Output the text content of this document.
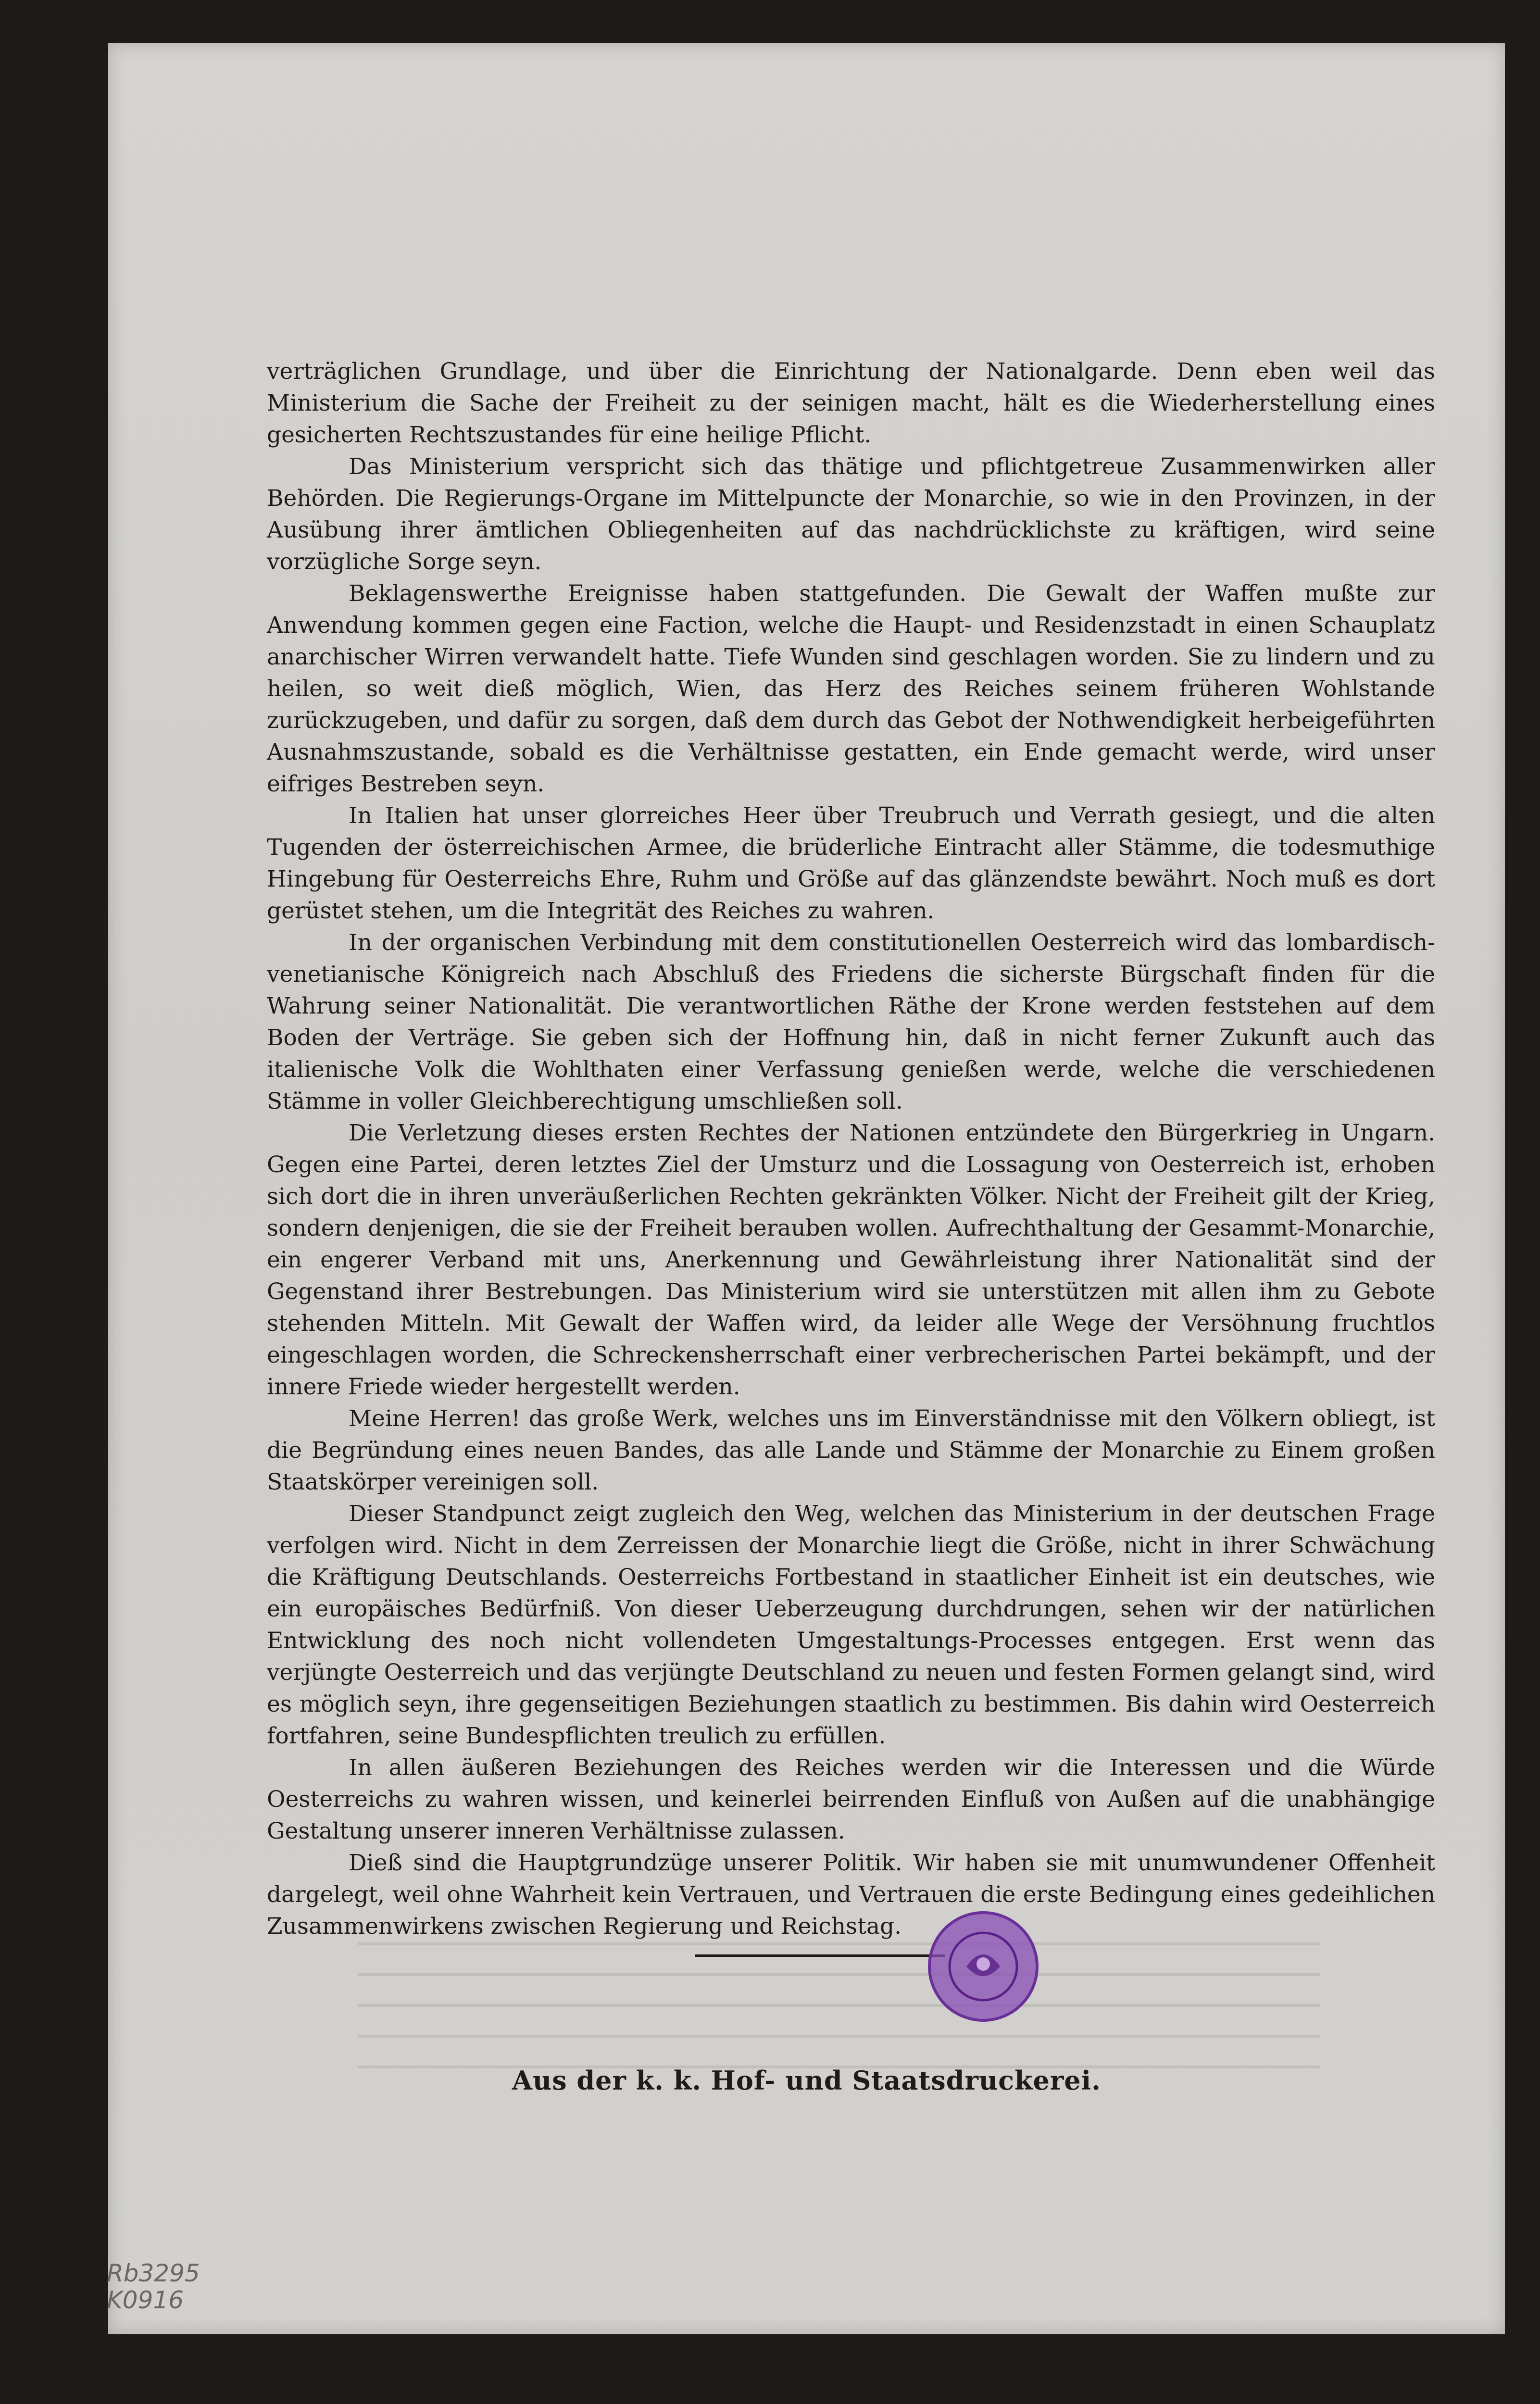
verträglichen Grundlage, und über die Einrichtung der Nationalgarde. Denn eben weil das Ministerium die Sache der Freiheit zu der seinigen macht, hält es die Wiederherstellung eines gesicherten Rechtszustandes für eine heilige Pflicht.

Das Ministerium verspricht sich das thätige und pflichtgetreue Zusammenwirken aller Behörden. Die Regierungs-Organe im Mittelpuncte der Monarchie, so wie in den Provinzen, in der Ausübung ihrer ämtlichen Obliegenheiten auf das nachdrücklichste zu kräftigen, wird seine vorzügliche Sorge seyn.

Beklagenswerthe Ereignisse haben stattgefunden. Die Gewalt der Waffen mußte zur Anwendung kommen gegen eine Faction, welche die Haupt- und Residenzstadt in einen Schauplatz anarchischer Wirren verwandelt hatte. Tiefe Wunden sind geschlagen worden. Sie zu lindern und zu heilen, so weit dieß möglich, Wien, das Herz des Reiches seinem früheren Wohlstande zurückzugeben, und dafür zu sorgen, daß dem durch das Gebot der Nothwendigkeit herbeigeführten Ausnahmszustande, sobald es die Verhältnisse gestatten, ein Ende gemacht werde, wird unser eifriges Bestreben seyn.

In Italien hat unser glorreiches Heer über Treubruch und Verrath gesiegt, und die alten Tugenden der österreichischen Armee, die brüderliche Eintracht aller Stämme, die todesmuthige Hingebung für Oesterreichs Ehre, Ruhm und Größe auf das glänzendste bewährt. Noch muß es dort gerüstet stehen, um die Integrität des Reiches zu wahren.

In der organischen Verbindung mit dem constitutionellen Oesterreich wird das lombardisch-venetianische Königreich nach Abschluß des Friedens die sicherste Bürgschaft finden für die Wahrung seiner Nationalität. Die verantwortlichen Räthe der Krone werden feststehen auf dem Boden der Verträge. Sie geben sich der Hoffnung hin, daß in nicht ferner Zukunft auch das italienische Volk die Wohlthaten einer Verfassung genießen werde, welche die verschiedenen Stämme in voller Gleichberechtigung umschließen soll.

Die Verletzung dieses ersten Rechtes der Nationen entzündete den Bürgerkrieg in Ungarn. Gegen eine Partei, deren letztes Ziel der Umsturz und die Lossagung von Oesterreich ist, erhoben sich dort die in ihren unveräußerlichen Rechten gekränkten Völker. Nicht der Freiheit gilt der Krieg, sondern denjenigen, die sie der Freiheit berauben wollen. Aufrechthaltung der Gesammt-Monarchie, ein engerer Verband mit uns, Anerkennung und Gewährleistung ihrer Nationalität sind der Gegenstand ihrer Bestrebungen. Das Ministerium wird sie unterstützen mit allen ihm zu Gebote stehenden Mitteln. Mit Gewalt der Waffen wird, da leider alle Wege der Versöhnung fruchtlos eingeschlagen worden, die Schreckensherrschaft einer verbrecherischen Partei bekämpft, und der innere Friede wieder hergestellt werden.

Meine Herren! das große Werk, welches uns im Einverständnisse mit den Völkern obliegt, ist die Begründung eines neuen Bandes, das alle Lande und Stämme der Monarchie zu Einem großen Staatskörper vereinigen soll.

Dieser Standpunct zeigt zugleich den Weg, welchen das Ministerium in der deutschen Frage verfolgen wird. Nicht in dem Zerreissen der Monarchie liegt die Größe, nicht in ihrer Schwächung die Kräftigung Deutschlands. Oesterreichs Fortbestand in staatlicher Einheit ist ein deutsches, wie ein europäisches Bedürfniß. Von dieser Ueberzeugung durchdrungen, sehen wir der natürlichen Entwicklung des noch nicht vollendeten Umgestaltungs-Processes entgegen. Erst wenn das verjüngte Oesterreich und das verjüngte Deutschland zu neuen und festen Formen gelangt sind, wird es möglich seyn, ihre gegenseitigen Beziehungen staatlich zu bestimmen. Bis dahin wird Oesterreich fortfahren, seine Bundespflichten treulich zu erfüllen.

In allen äußeren Beziehungen des Reiches werden wir die Interessen und die Würde Oesterreichs zu wahren wissen, und keinerlei beirrenden Einfluß von Außen auf die unabhängige Gestaltung unserer inneren Verhältnisse zulassen.

Dieß sind die Hauptgrundzüge unserer Politik. Wir haben sie mit unumwundener Offenheit dargelegt, weil ohne Wahrheit kein Vertrauen, und Vertrauen die erste Bedingung eines gedeihlichen Zusammenwirkens zwischen Regierung und Reichstag.

Aus der k. k. Hof- und Staatsdruckerei.
Rb3295
K0916
